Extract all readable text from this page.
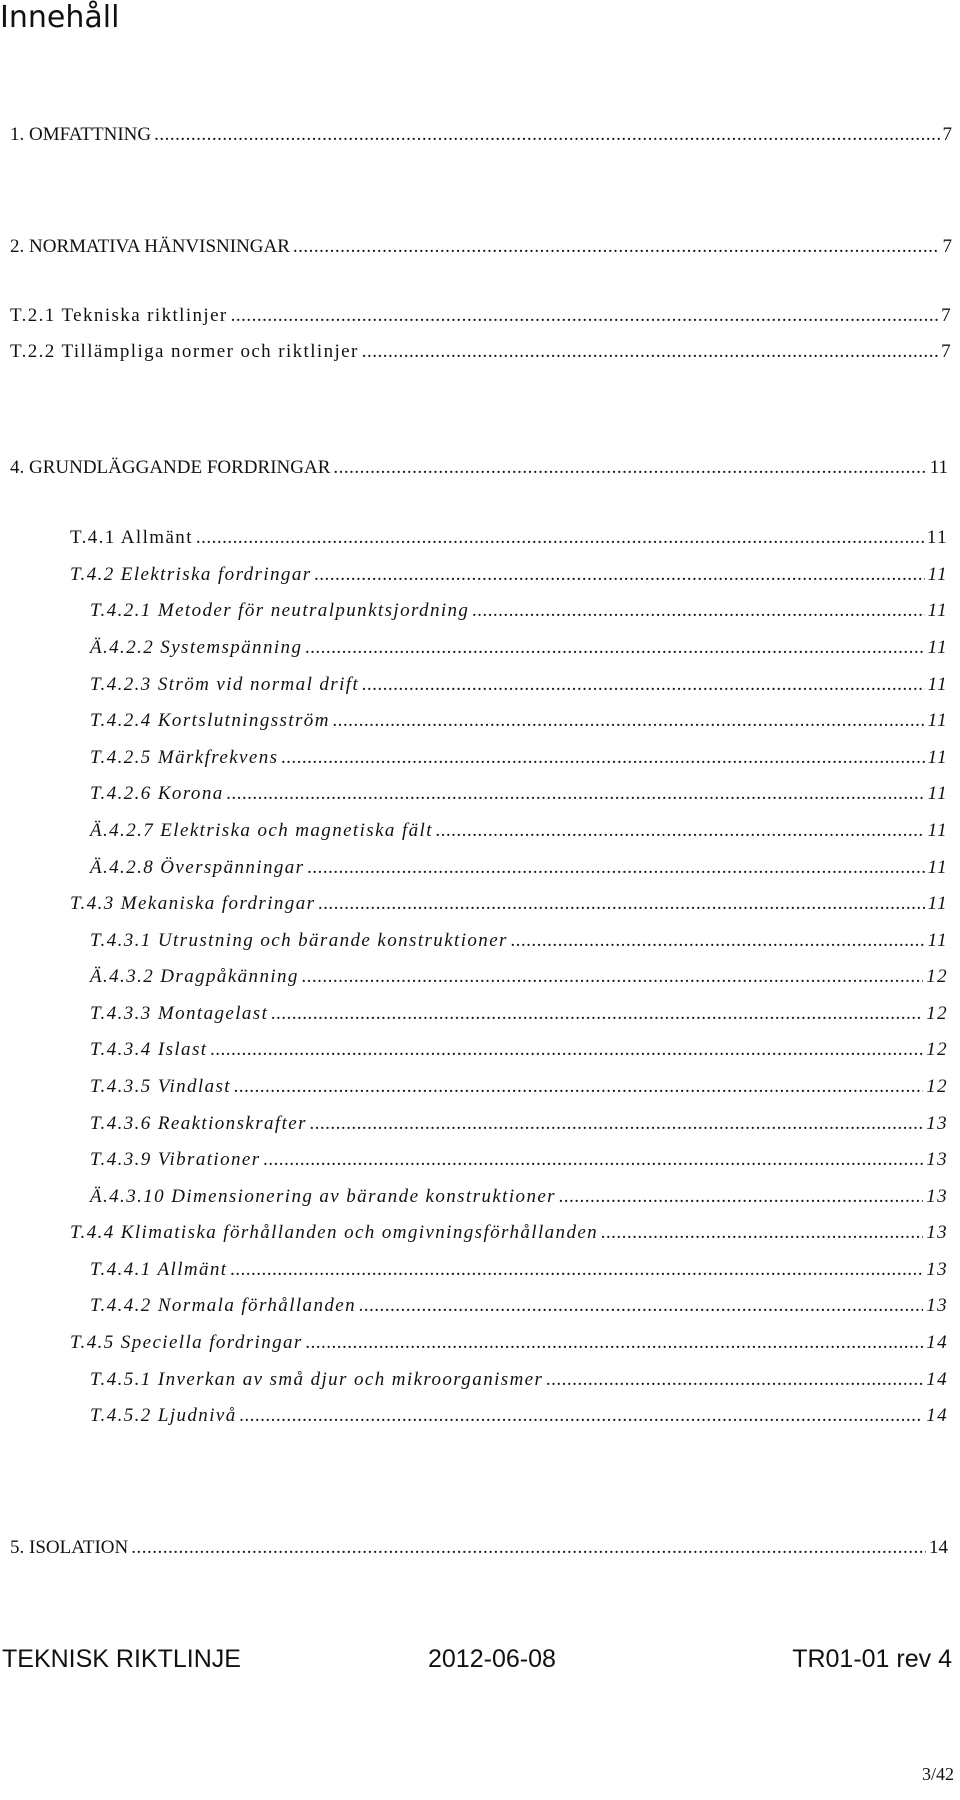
Innehåll
1. OMFATTNING .....	7
2. NORMATIVA HÄNVISNINGAR .....	7
T.2.1 Tekniska riktlinjer .....	7
T.2.2 Tillämpliga normer och riktlinjer .....	7
4. GRUNDLÄGGANDE FORDRINGAR .....	11
T.4.1 Allmänt .....	11
T.4.2 Elektriska fordringar .....	11
T.4.2.1 Metoder för neutralpunktsjordning .....	11
Ä.4.2.2 Systemspänning .....	11
T.4.2.3 Ström vid normal drift .....	11
T.4.2.4 Kortslutningsström .....	11
T.4.2.5 Märkfrekvens .....	11
T.4.2.6 Korona .....	11
Ä.4.2.7 Elektriska och magnetiska fält .....	11
Ä.4.2.8 Överspänningar .....	11
T.4.3 Mekaniska fordringar .....	11
T.4.3.1 Utrustning och bärande konstruktioner .....	11
Ä.4.3.2 Dragpåkänning .....	12
T.4.3.3 Montagelast .....	12
T.4.3.4 Islast .....	12
T.4.3.5 Vindlast .....	12
T.4.3.6 Reaktionskrafter .....	13
T.4.3.9 Vibrationer .....	13
Ä.4.3.10 Dimensionering av bärande konstruktioner .....	13
T.4.4 Klimatiska förhållanden och omgivningsförhållanden .....	13
T.4.4.1 Allmänt .....	13
T.4.4.2 Normala förhållanden .....	13
T.4.5 Speciella fordringar .....	14
T.4.5.1 Inverkan av små djur och mikroorganismer .....	14
T.4.5.2 Ljudnivå .....	14
5. ISOLATION .....	14
TEKNISK RIKTLINJE	2012-06-08	TR01-01 rev 4
3/42
